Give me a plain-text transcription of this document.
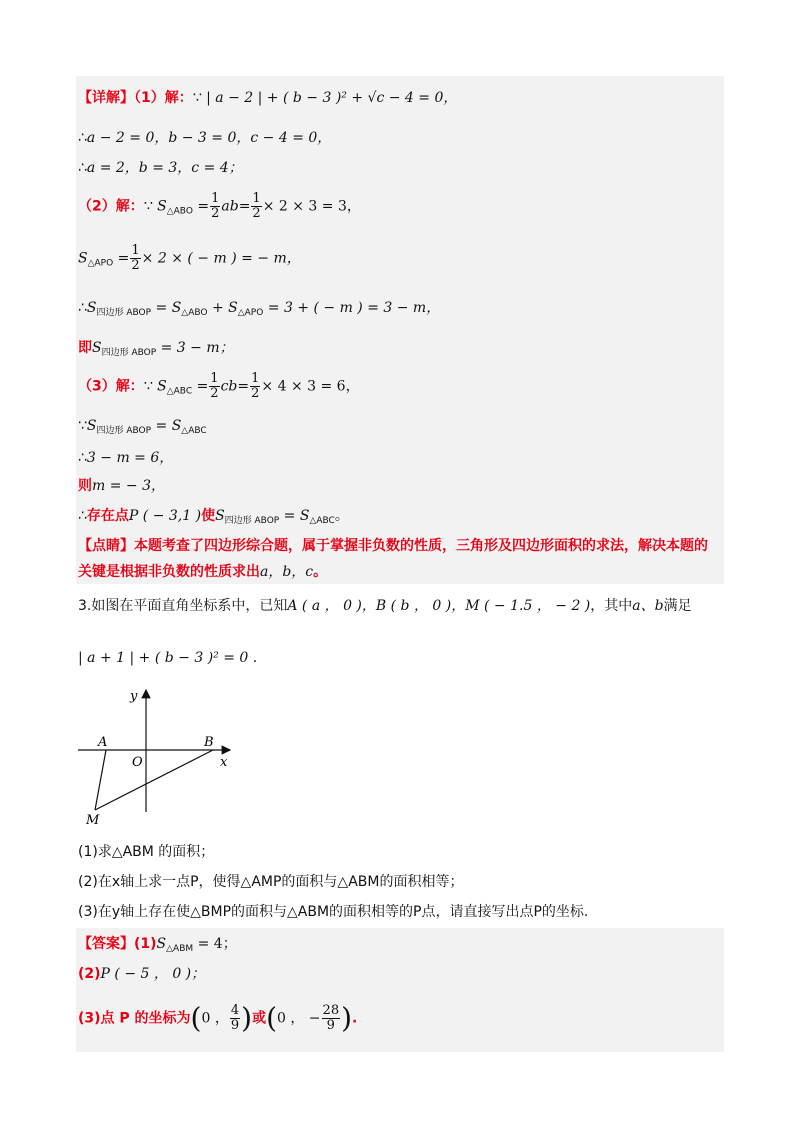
【详解】（1）解：∵ | a − 2 | + ( b − 3 )² + √c − 4 = 0，
∴a − 2 = 0，b − 3 = 0，c − 4 = 0，
∴a = 2，b = 3，c = 4；
（2）解：∵ $S_{\triangle ABO} = \frac{1}{2} ab= \frac{1}{2} \times 2 \times 3 = 3$，
$S_{\triangle APO} = \frac{1}{2} \times 2$ × ( − m ) = − m，
$\therefore S_{四边形 ABOP} = S_{\triangle ABO} + S_{\triangle APO} = 3$ + ( − m ) = 3 − m，
即$S_{四边形 ABOP} = 3 - m$；
（3）解：∵ $S_{\triangle ABC} = \frac{1}{2} cb= \frac{1}{2} \times 4 \times 3 = 6$，
$\because S_{四边形 ABOP} = S_{\triangle ABC}$
∴3 − m = 6，
则m = − 3，
∴存在点P ( − 3,1 )使$S_{四边形 ABOP} = S_{\triangle ABC}$。
【点睛】本题考查了四边形综合题，属于掌握非负数的性质，三角形及四边形面积的求法，解决本题的
关键是根据非负数的性质求出a，b，c。
3.如图在平面直角坐标系中，已知A ( a ， 0 )，B ( b ， 0 )，M ( − 1.5 ， − 2 )，其中a、b满足
| a + 1 | + ( b − 3 )² = 0 .
y
x
A	B
O
M
(1)求△ABM 的面积；
(2)在x轴上求一点P，使得△AMP的面积与△ABM的面积相等；
(3)在y轴上存在使△BMP的面积与△ABM的面积相等的P点，请直接写出点P的坐标.
【答案】$(1)S_{\triangle ABM} = 4$；
(2)P ( − 5 ， 0 )；
(3)点 P 的坐标为(0 ， $\frac{4}{9}$ )或(0 ， − $\frac{28}{9}$ ).
